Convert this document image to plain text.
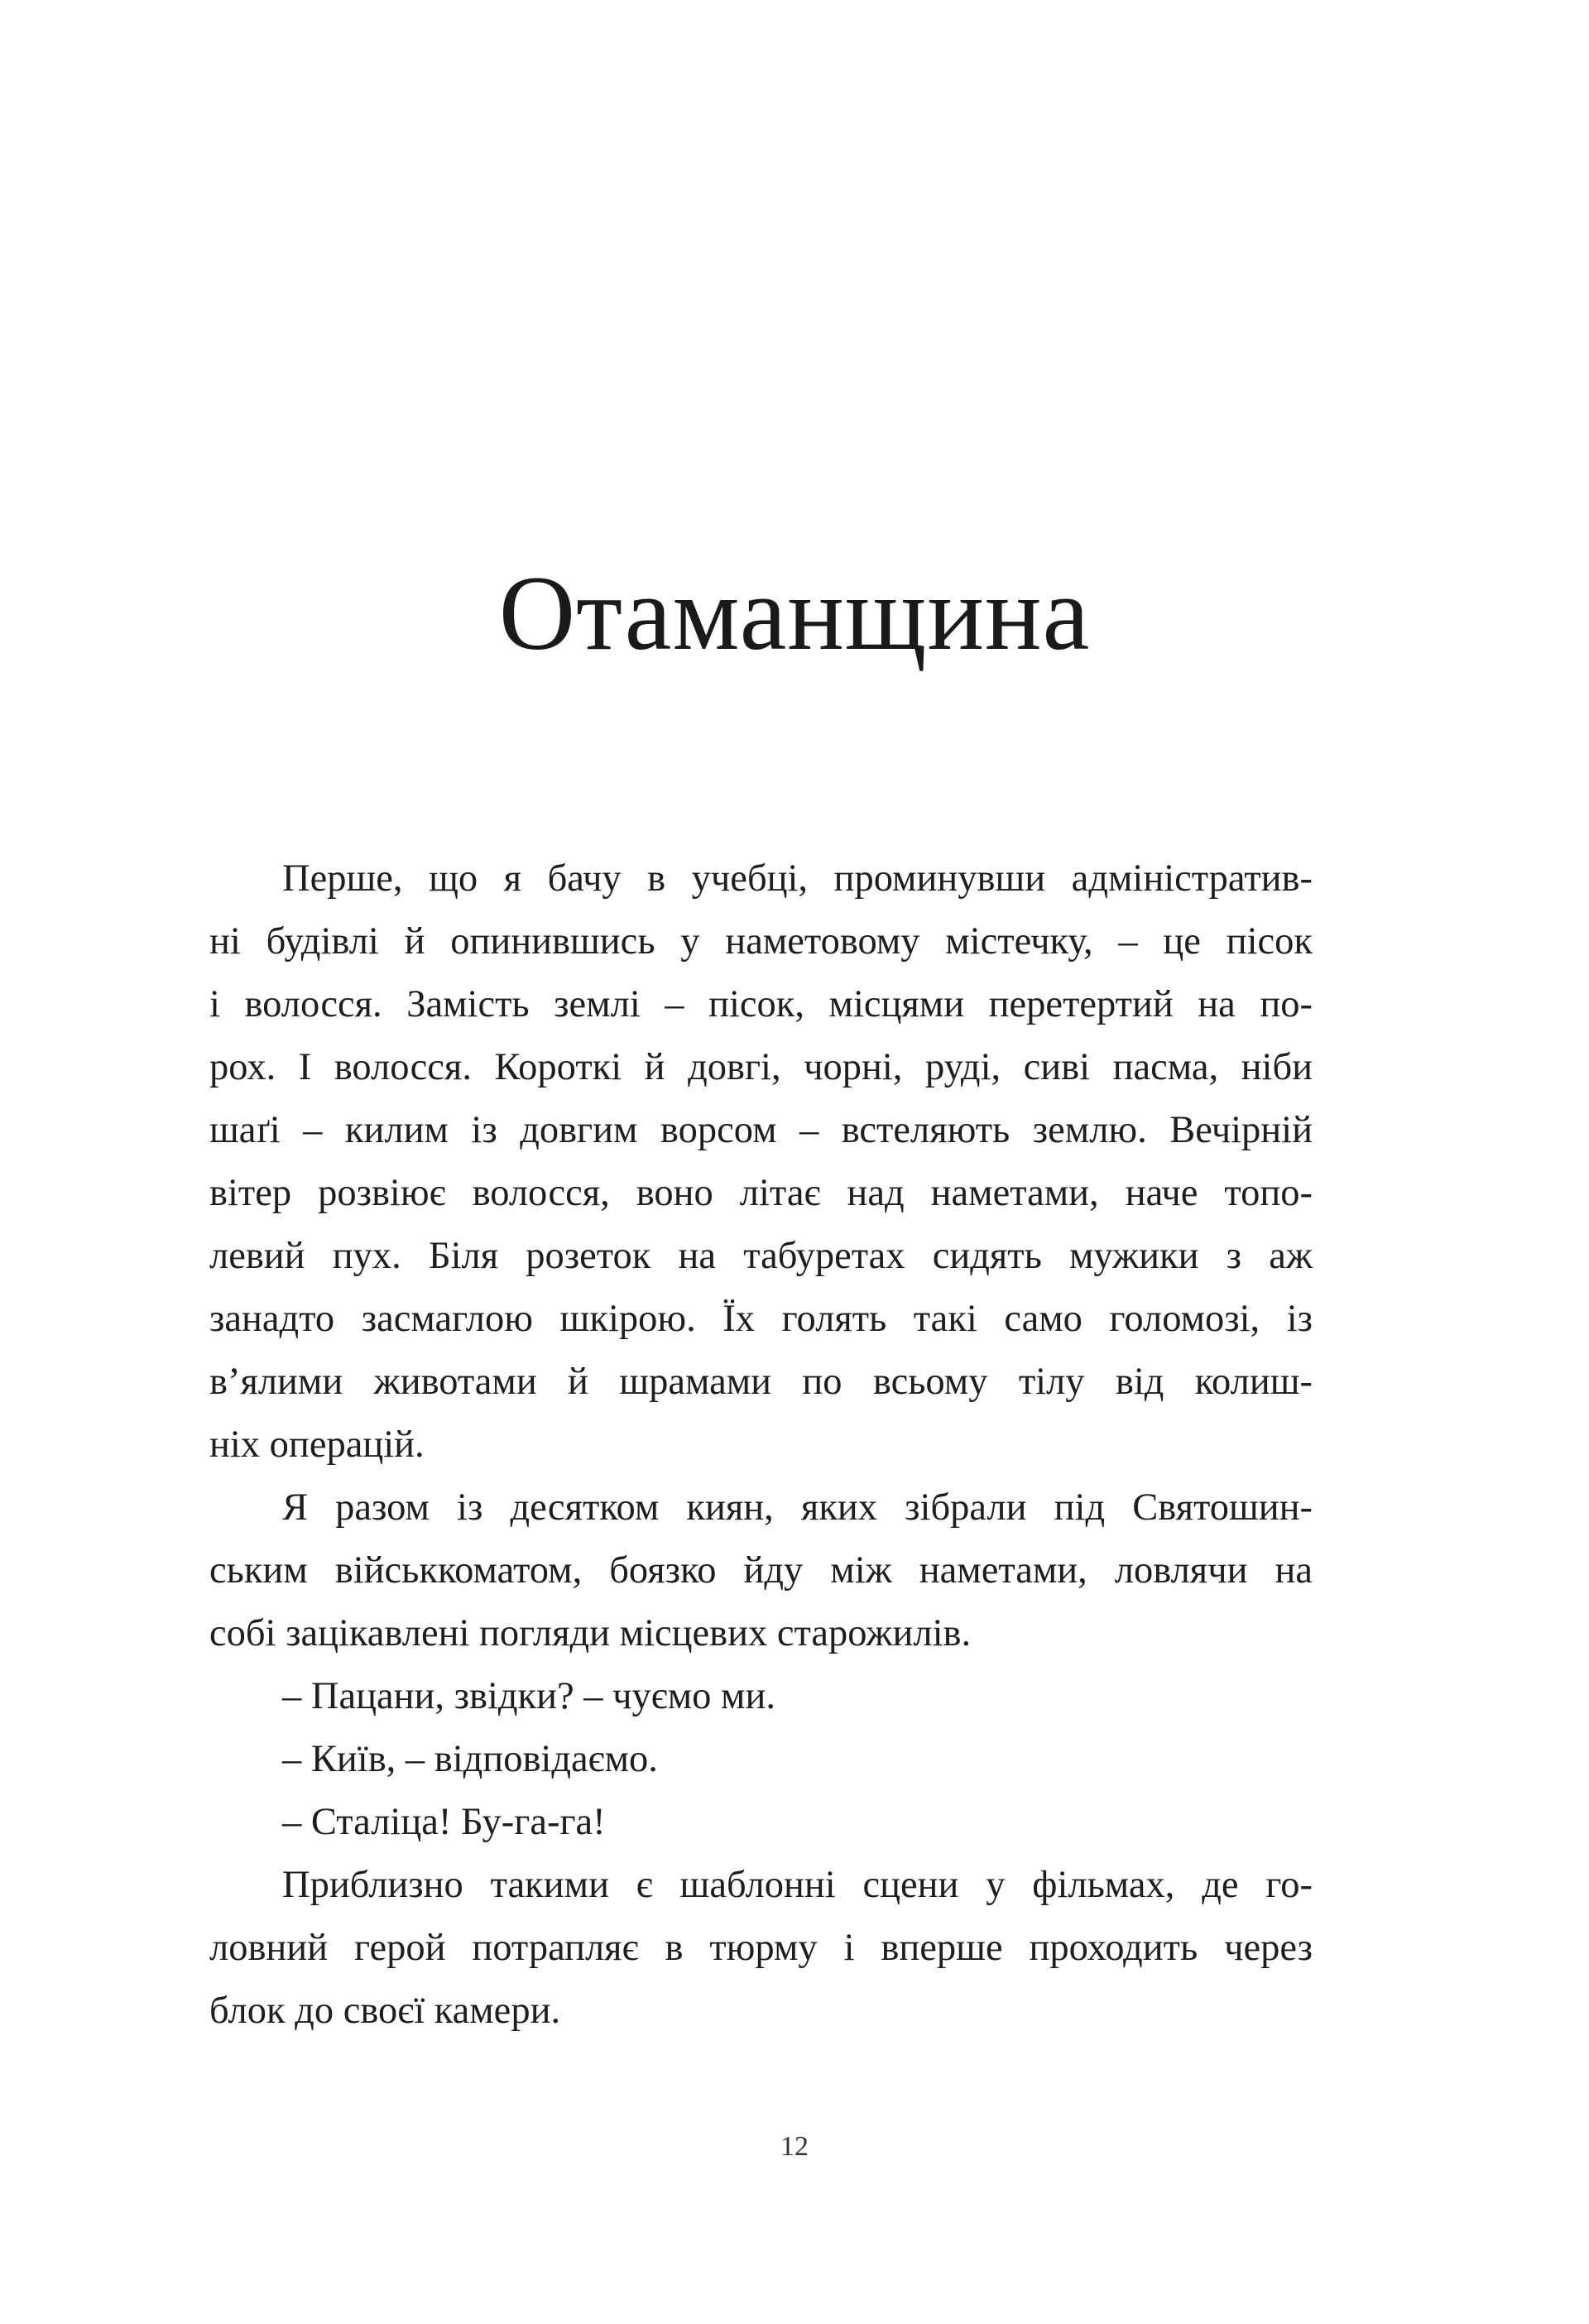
Отаманщина
Перше, що я бачу в учебці, проминувши адміністратив-
ні будівлі й опинившись у наметовому містечку, – це пісок
і волосся. Замість землі – пісок, місцями перетертий на по-
рох. І волосся. Короткі й довгі, чорні, руді, сиві пасма, ніби
шаґі – килим із довгим ворсом – встеляють землю. Вечірній
вітер розвіює волосся, воно літає над наметами, наче топо-
левий пух. Біля розеток на табуретах сидять мужики з аж
занадто засмаглою шкірою. Їх голять такі само голомозі, із
в’ялими животами й шрамами по всьому тілу від колиш-
ніх операцій.
Я разом із десятком киян, яких зібрали під Святошин-
ським військкоматом, боязко йду між наметами, ловлячи на
собі зацікавлені погляди місцевих старожилів.
– Пацани, звідки? – чуємо ми.
– Київ, – відповідаємо.
– Сталіца! Бу-га-га!
Приблизно такими є шаблонні сцени у фільмах, де го-
ловний герой потрапляє в тюрму і вперше проходить через
блок до своєї камери.
12
